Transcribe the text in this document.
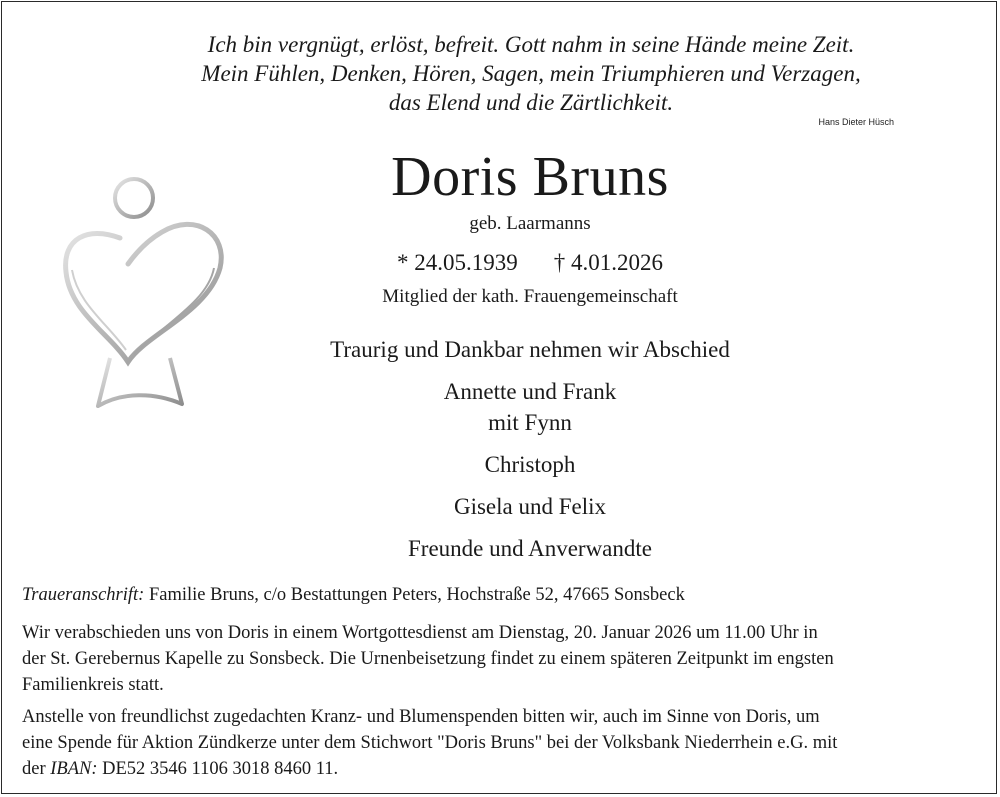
Ich bin vergnügt, erlöst, befreit. Gott nahm in seine Hände meine Zeit.
Mein Fühlen, Denken, Hören, Sagen, mein Triumphieren und Verzagen,
das Elend und die Zärtlichkeit.
Hans Dieter Hüsch
Doris Bruns
geb. Laarmanns
* 24.05.1939 † 4.01.2026
Mitglied der kath. Frauengemeinschaft
Traurig und Dankbar nehmen wir Abschied
Annette und Frank
mit Fynn
Christoph
Gisela und Felix
Freunde und Anverwandte
Traueranschrift: Familie Bruns, c/o Bestattungen Peters, Hochstraße 52, 47665 Sonsbeck
Wir verabschieden uns von Doris in einem Wortgottesdienst am Dienstag, 20. Januar 2026 um 11.00 Uhr in
der St. Gerebernus Kapelle zu Sonsbeck. Die Urnenbeisetzung findet zu einem späteren Zeitpunkt im engsten
Familienkreis statt.
Anstelle von freundlichst zugedachten Kranz- und Blumenspenden bitten wir, auch im Sinne von Doris, um
eine Spende für Aktion Zündkerze unter dem Stichwort "Doris Bruns" bei der Volksbank Niederrhein e.G. mit
der IBAN: DE52 3546 1106 3018 8460 11.
